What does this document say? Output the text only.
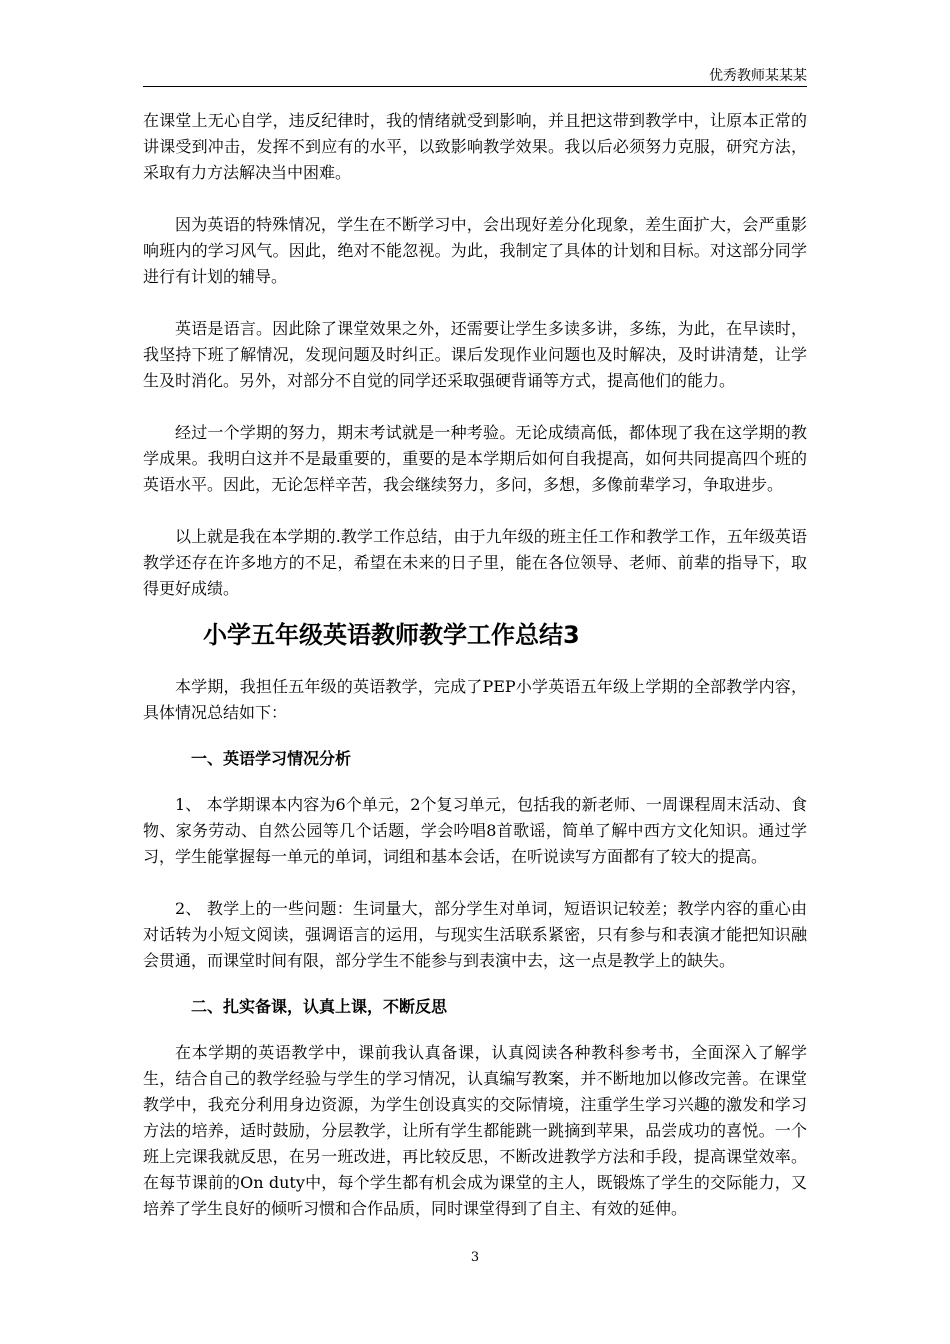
优秀教师某某某

在课堂上无心自学，违反纪律时，我的情绪就受到影响，并且把这带到教学中，让原本正常的讲课受到冲击，发挥不到应有的水平，以致影响教学效果。我以后必须努力克服，研究方法，采取有力方法解决当中困难。

因为英语的特殊情况，学生在不断学习中，会出现好差分化现象，差生面扩大，会严重影响班内的学习风气。因此，绝对不能忽视。为此，我制定了具体的计划和目标。对这部分同学进行有计划的辅导。

英语是语言。因此除了课堂效果之外，还需要让学生多读多讲，多练，为此，在早读时，我坚持下班了解情况，发现问题及时纠正。课后发现作业问题也及时解决，及时讲清楚，让学生及时消化。另外，对部分不自觉的同学还采取强硬背诵等方式，提高他们的能力。

经过一个学期的努力，期末考试就是一种考验。无论成绩高低，都体现了我在这学期的教学成果。我明白这并不是最重要的，重要的是本学期后如何自我提高，如何共同提高四个班的英语水平。因此，无论怎样辛苦，我会继续努力，多问，多想，多像前辈学习，争取进步。

以上就是我在本学期的.教学工作总结，由于九年级的班主任工作和教学工作，五年级英语教学还存在许多地方的不足，希望在未来的日子里，能在各位领导、老师、前辈的指导下，取得更好成绩。

小学五年级英语教师教学工作总结3

本学期，我担任五年级的英语教学，完成了PEP小学英语五年级上学期的全部教学内容，具体情况总结如下：

一、英语学习情况分析

1、 本学期课本内容为6个单元，2个复习单元，包括我的新老师、一周课程周末活动、食物、家务劳动、自然公园等几个话题，学会吟唱8首歌谣，简单了解中西方文化知识。通过学习，学生能掌握每一单元的单词，词组和基本会话，在听说读写方面都有了较大的提高。

2、 教学上的一些问题：生词量大，部分学生对单词，短语识记较差；教学内容的重心由对话转为小短文阅读，强调语言的运用，与现实生活联系紧密，只有参与和表演才能把知识融会贯通，而课堂时间有限，部分学生不能参与到表演中去，这一点是教学上的缺失。

二、扎实备课，认真上课，不断反思

在本学期的英语教学中，课前我认真备课，认真阅读各种教科参考书，全面深入了解学生，结合自己的教学经验与学生的学习情况，认真编写教案，并不断地加以修改完善。在课堂教学中，我充分利用身边资源，为学生创设真实的交际情境，注重学生学习兴趣的激发和学习方法的培养，适时鼓励，分层教学，让所有学生都能跳一跳摘到苹果，品尝成功的喜悦。一个班上完课我就反思，在另一班改进，再比较反思，不断改进教学方法和手段，提高课堂效率。在每节课前的On duty中，每个学生都有机会成为课堂的主人，既锻炼了学生的交际能力，又培养了学生良好的倾听习惯和合作品质，同时课堂得到了自主、有效的延伸。

3
